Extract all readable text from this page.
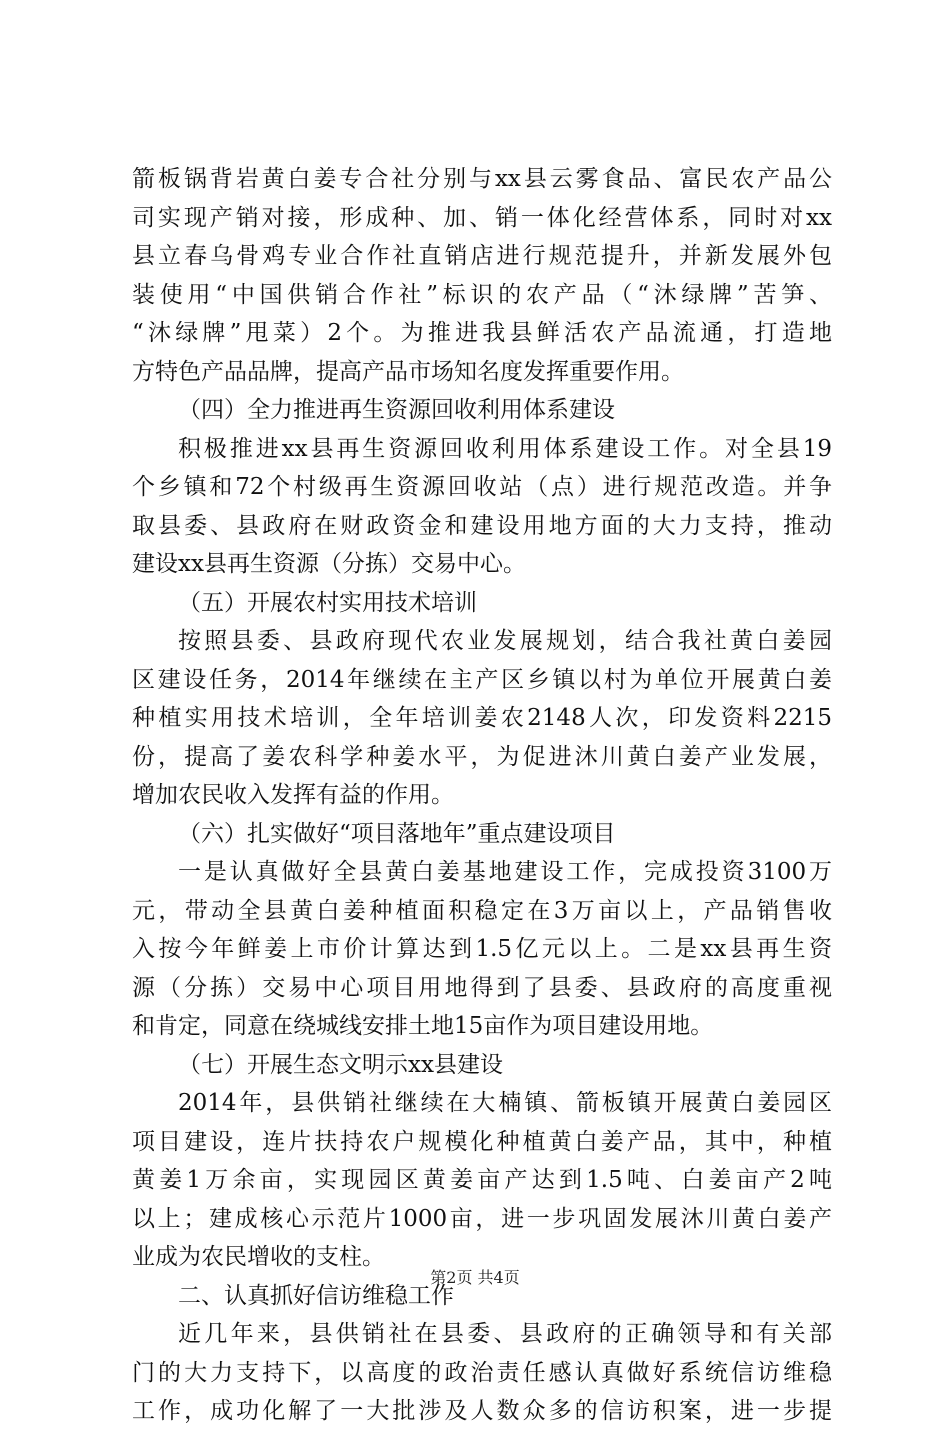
箭板锅背岩黄白姜专合社分别与xx县云雾食品、富民农产品公
司实现产销对接，形成种、加、销一体化经营体系，同时对xx
县立春乌骨鸡专业合作社直销店进行规范提升，并新发展外包
装使用“中国供销合作社”标识的农产品（“沐绿牌”苦笋、
“沐绿牌”甩菜）2个。为推进我县鲜活农产品流通，打造地
方特色产品品牌，提高产品市场知名度发挥重要作用。
（四）全力推进再生资源回收利用体系建设
积极推进xx县再生资源回收利用体系建设工作。对全县19
个乡镇和72个村级再生资源回收站（点）进行规范改造。并争
取县委、县政府在财政资金和建设用地方面的大力支持，推动
建设xx县再生资源（分拣）交易中心。
（五）开展农村实用技术培训
按照县委、县政府现代农业发展规划，结合我社黄白姜园
区建设任务，2014年继续在主产区乡镇以村为单位开展黄白姜
种植实用技术培训，全年培训姜农2148人次，印发资料2215
份，提高了姜农科学种姜水平，为促进沐川黄白姜产业发展，
增加农民收入发挥有益的作用。
（六）扎实做好“项目落地年”重点建设项目
一是认真做好全县黄白姜基地建设工作，完成投资3100万
元，带动全县黄白姜种植面积稳定在3万亩以上，产品销售收
入按今年鲜姜上市价计算达到1.5亿元以上。二是xx县再生资
源（分拣）交易中心项目用地得到了县委、县政府的高度重视
和肯定，同意在绕城线安排土地15亩作为项目建设用地。
（七）开展生态文明示xx县建设
2014年，县供销社继续在大楠镇、箭板镇开展黄白姜园区
项目建设，连片扶持农户规模化种植黄白姜产品，其中，种植
黄姜1万余亩，实现园区黄姜亩产达到1.5吨、白姜亩产2吨
以上；建成核心示范片1000亩，进一步巩固发展沐川黄白姜产
业成为农民增收的支柱。
二、认真抓好信访维稳工作
近几年来，县供销社在县委、县政府的正确领导和有关部
门的大力支持下，以高度的政治责任感认真做好系统信访维稳
工作，成功化解了一大批涉及人数众多的信访积案，进一步提
第2页 共4页
